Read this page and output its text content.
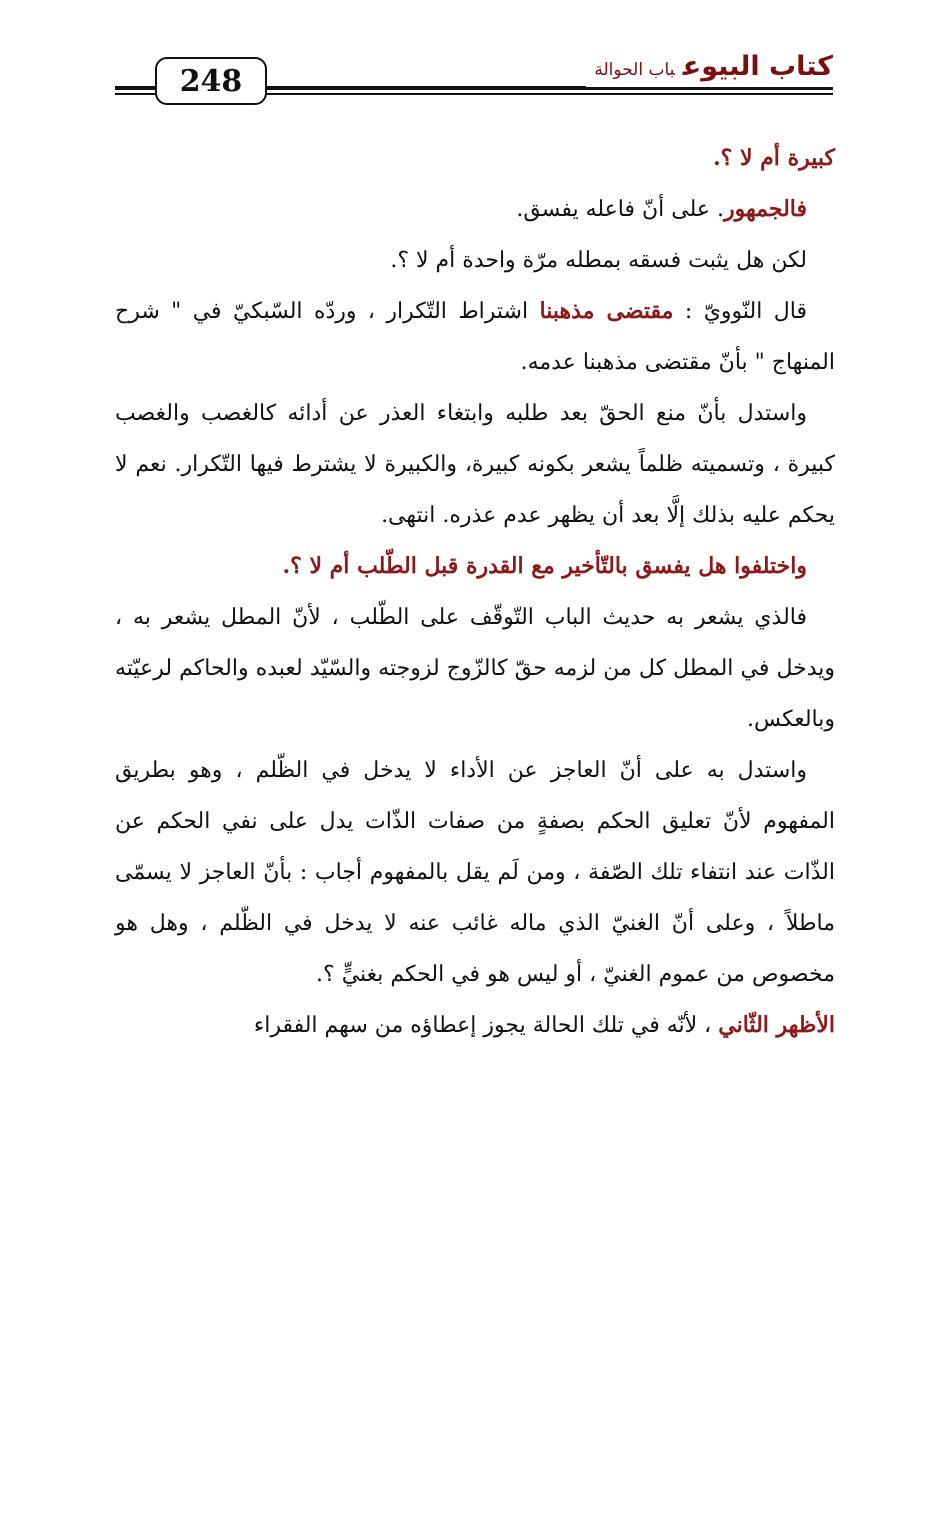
248	كتاب البيوعباب الحوالة

كبيرة أم لا ؟.

فالجمهور. على أنّ فاعله يفسق.

لكن هل يثبت فسقه بمطله مرّة واحدة أم لا ؟.

قال النّوويّ : مقتضى مذهبنا اشتراط التّكرار ، وردّه السّبكيّ في " شرح المنهاج " بأنّ مقتضى مذهبنا عدمه.

واستدل بأنّ منع الحقّ بعد طلبه وابتغاء العذر عن أدائه كالغصب والغصب كبيرة ، وتسميته ظلماً يشعر بكونه كبيرة، والكبيرة لا يشترط فيها التّكرار. نعم لا يحكم عليه بذلك إلَّا بعد أن يظهر عدم عذره. انتهى.

واختلفوا هل يفسق بالتّأخير مع القدرة قبل الطّلب أم لا ؟.

فالذي يشعر به حديث الباب التّوقّف على الطّلب ، لأنّ المطل يشعر به ، ويدخل في المطل كل من لزمه حقّ كالزّوج لزوجته والسّيّد لعبده والحاكم لرعيّته وبالعكس.

واستدل به على أنّ العاجز عن الأداء لا يدخل في الظّلم ، وهو بطريق المفهوم لأنّ تعليق الحكم بصفةٍ من صفات الذّات يدل على نفي الحكم عن الذّات عند انتفاء تلك الصّفة ، ومن لَم يقل بالمفهوم أجاب : بأنّ العاجز لا يسمّى ماطلاً ، وعلى أنّ الغنيّ الذي ماله غائب عنه لا يدخل في الظّلم ، وهل هو مخصوص من عموم الغنيّ ، أو ليس هو في الحكم بغنيٍّ ؟.

الأظهر الثّاني ، لأنّه في تلك الحالة يجوز إعطاؤه من سهم الفقراء
